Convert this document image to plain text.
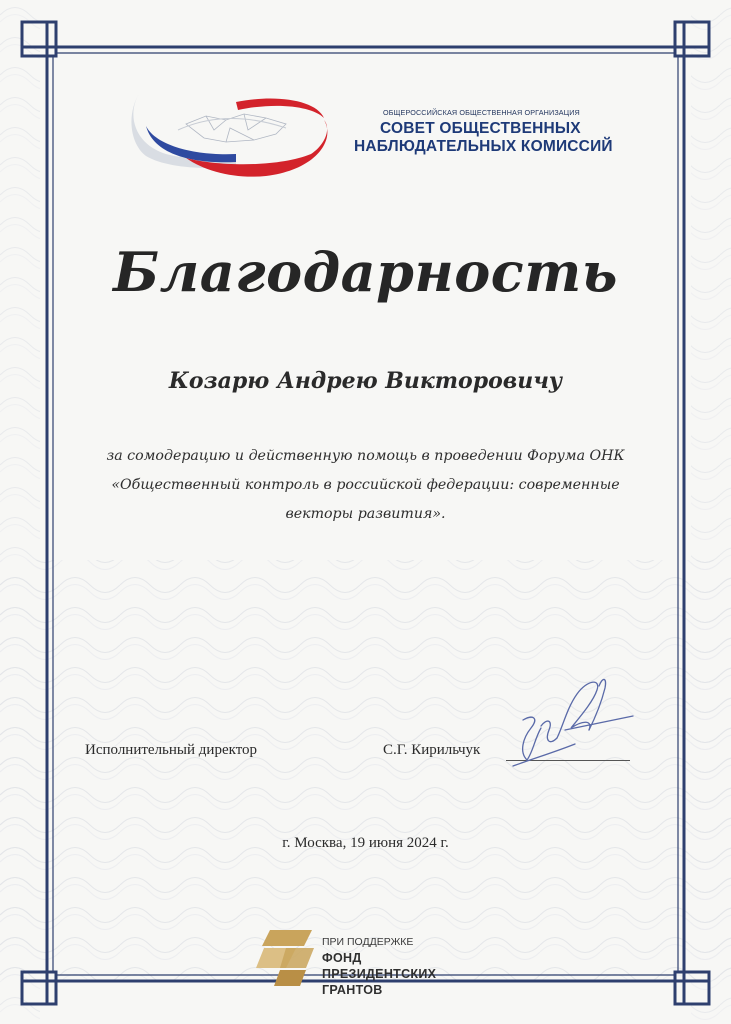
ОБЩЕРОССИЙСКАЯ ОБЩЕСТВЕННАЯ ОРГАНИЗАЦИЯ
СОВЕТ ОБЩЕСТВЕННЫХ
НАБЛЮДАТЕЛЬНЫХ КОМИССИЙ
Благодарность
Козарю Андрею Викторовичу
за сомодерацию и действенную помощь в проведении Форума ОНК
«Общественный контроль в российской федерации: современные
векторы развития».
Исполнительный директор	С.Г. Кирильчук
г. Москва, 19 июня 2024 г.
ПРИ ПОДДЕРЖКЕ
ФОНД
ПРЕЗИДЕНТСКИХ
ГРАНТОВ
